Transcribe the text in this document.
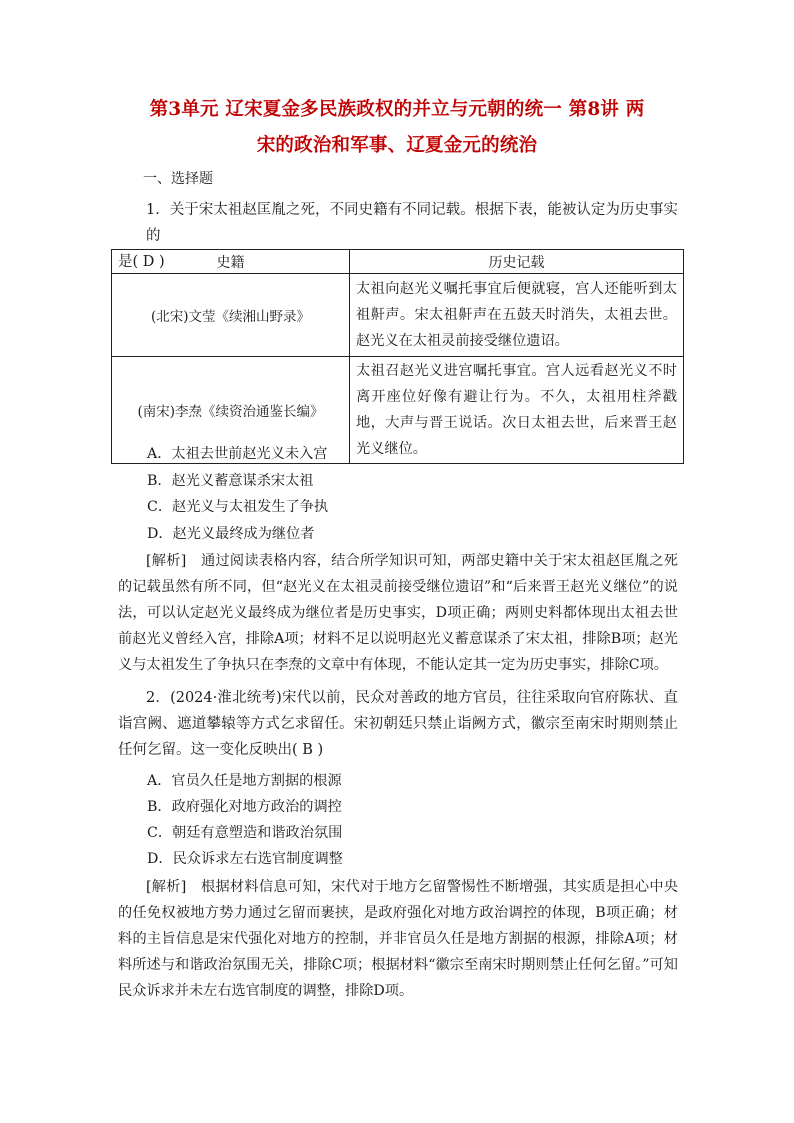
第3单元 辽宋夏金多民族政权的并立与元朝的统一 第8讲 两
宋的政治和军事、辽夏金元的统治
一、选择题
1．关于宋太祖赵匡胤之死，不同史籍有不同记载。根据下表，能被认定为历史事实的
是( D )	史籍	历史记载
(北宋)文莹《续湘山野录》	太祖向赵光义嘱托事宜后便就寝，宫人还能听到太祖鼾声。宋太祖鼾声在五鼓天时消失，太祖去世。赵光义在太祖灵前接受继位遗诏。
(南宋)李焘《续资治通鉴长编》	太祖召赵光义进宫嘱托事宜。宫人远看赵光义不时离开座位好像有避让行为。不久，太祖用柱斧戳地，大声与晋王说话。次日太祖去世，后来晋王赵光义继位。
A．太祖去世前赵光义未入宫
B．赵光义蓄意谋杀宋太祖
C．赵光义与太祖发生了争执
D．赵光义最终成为继位者
[解析]　通过阅读表格内容，结合所学知识可知，两部史籍中关于宋太祖赵匡胤之死的记载虽然有所不同，但“赵光义在太祖灵前接受继位遗诏”和“后来晋王赵光义继位”的说法，可以认定赵光义最终成为继位者是历史事实，D项正确；两则史料都体现出太祖去世前赵光义曾经入宫，排除A项；材料不足以说明赵光义蓄意谋杀了宋太祖，排除B项；赵光义与太祖发生了争执只在李焘的文章中有体现，不能认定其一定为历史事实，排除C项。
2．(2024·淮北统考)宋代以前，民众对善政的地方官员，往往采取向官府陈状、直诣宫阙、遮道攀辕等方式乞求留任。宋初朝廷只禁止诣阙方式，徽宗至南宋时期则禁止任何乞留。这一变化反映出( B )
A．官员久任是地方割据的根源
B．政府强化对地方政治的调控
C．朝廷有意塑造和谐政治氛围
D．民众诉求左右选官制度调整
[解析]　根据材料信息可知，宋代对于地方乞留警惕性不断增强，其实质是担心中央的任免权被地方势力通过乞留而裹挟，是政府强化对地方政治调控的体现，B项正确；材料的主旨信息是宋代强化对地方的控制，并非官员久任是地方割据的根源，排除A项；材料所述与和谐政治氛围无关，排除C项；根据材料“徽宗至南宋时期则禁止任何乞留。”可知民众诉求并未左右选官制度的调整，排除D项。
